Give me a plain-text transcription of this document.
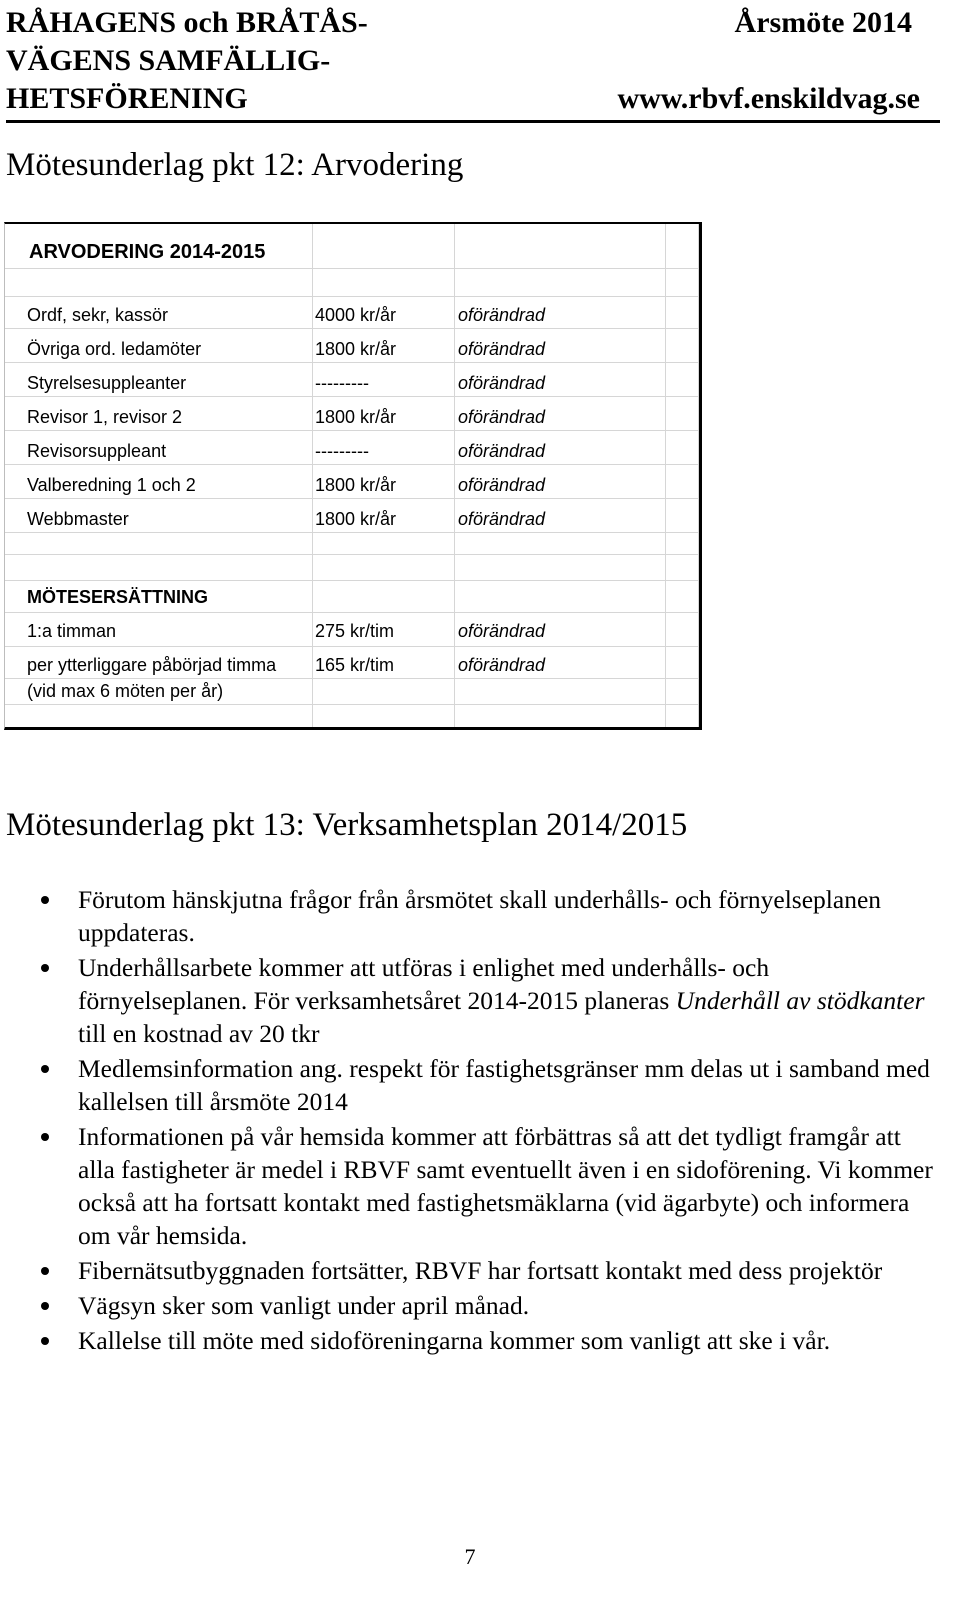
RÅHAGENS och BRÅTÅS-
VÄGENS SAMFÄLLIG-
HETSFÖRENING
Årsmöte 2014
www.rbvf.enskildvag.se
Mötesunderlag pkt 12: Arvodering
ARVODERING 2014-2015
Ordf, sekr, kassör	4000 kr/år	oförändrad
Övriga ord. ledamöter	1800 kr/år	oförändrad
Styrelsesuppleanter	---------	oförändrad
Revisor 1, revisor 2	1800 kr/år	oförändrad
Revisorsuppleant	---------	oförändrad
Valberedning 1 och 2	1800 kr/år	oförändrad
Webbmaster	1800 kr/år	oförändrad
MÖTESERSÄTTNING
1:a timman	275 kr/tim	oförändrad
per ytterliggare påbörjad timma 165 kr/tim	oförändrad
(vid max 6 möten per år)
Mötesunderlag pkt 13: Verksamhetsplan 2014/2015
Förutom hänskjutna frågor från årsmötet skall underhålls- och förnyelseplanen uppdateras.
Underhållsarbete kommer att utföras i enlighet med underhålls- och förnyelseplanen. För verksamhetsåret 2014-2015 planeras Underhåll av stödkanter till en kostnad av 20 tkr
Medlemsinformation ang. respekt för fastighetsgränser mm delas ut i samband med kallelsen till årsmöte 2014
Informationen på vår hemsida kommer att förbättras så att det tydligt framgår att alla fastigheter är medel i RBVF samt eventuellt även i en sidoförening. Vi kommer också att ha fortsatt kontakt med fastighetsmäklarna (vid ägarbyte) och informera om vår hemsida.
Fibernätsutbyggnaden fortsätter, RBVF har fortsatt kontakt med dess projektör
Vägsyn sker som vanligt under april månad.
Kallelse till möte med sidoföreningarna kommer som vanligt att ske i vår.
7
